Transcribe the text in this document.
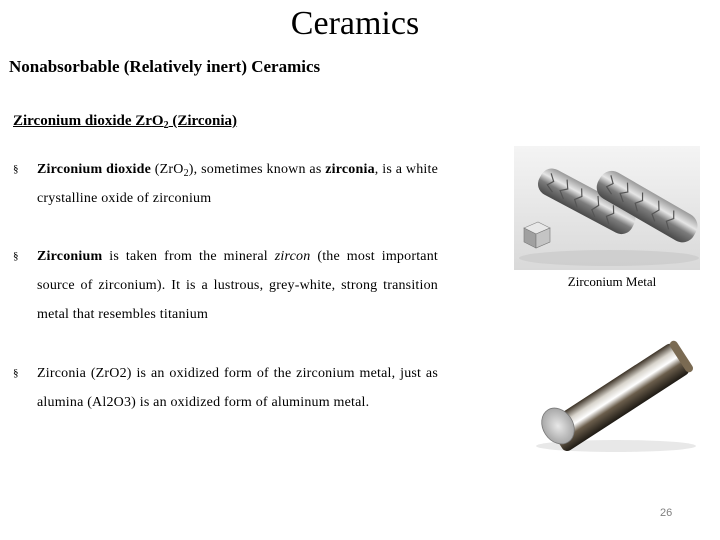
Ceramics
Nonabsorbable (Relatively inert) Ceramics
Zirconium dioxide ZrO$_2$ (Zirconia)
§ Zirconium dioxide (ZrO$_2$), sometimes known as zirconia, is a white crystalline oxide of zirconium
§ Zirconium is taken from the mineral zircon (the most important source of zirconium). It is a lustrous, grey-white, strong transition metal that resembles titanium
§ Zirconia (ZrO2) is an oxidized form of the zirconium metal, just as alumina (Al2O3) is an oxidized form of aluminum metal.
Zirconium Metal
26
